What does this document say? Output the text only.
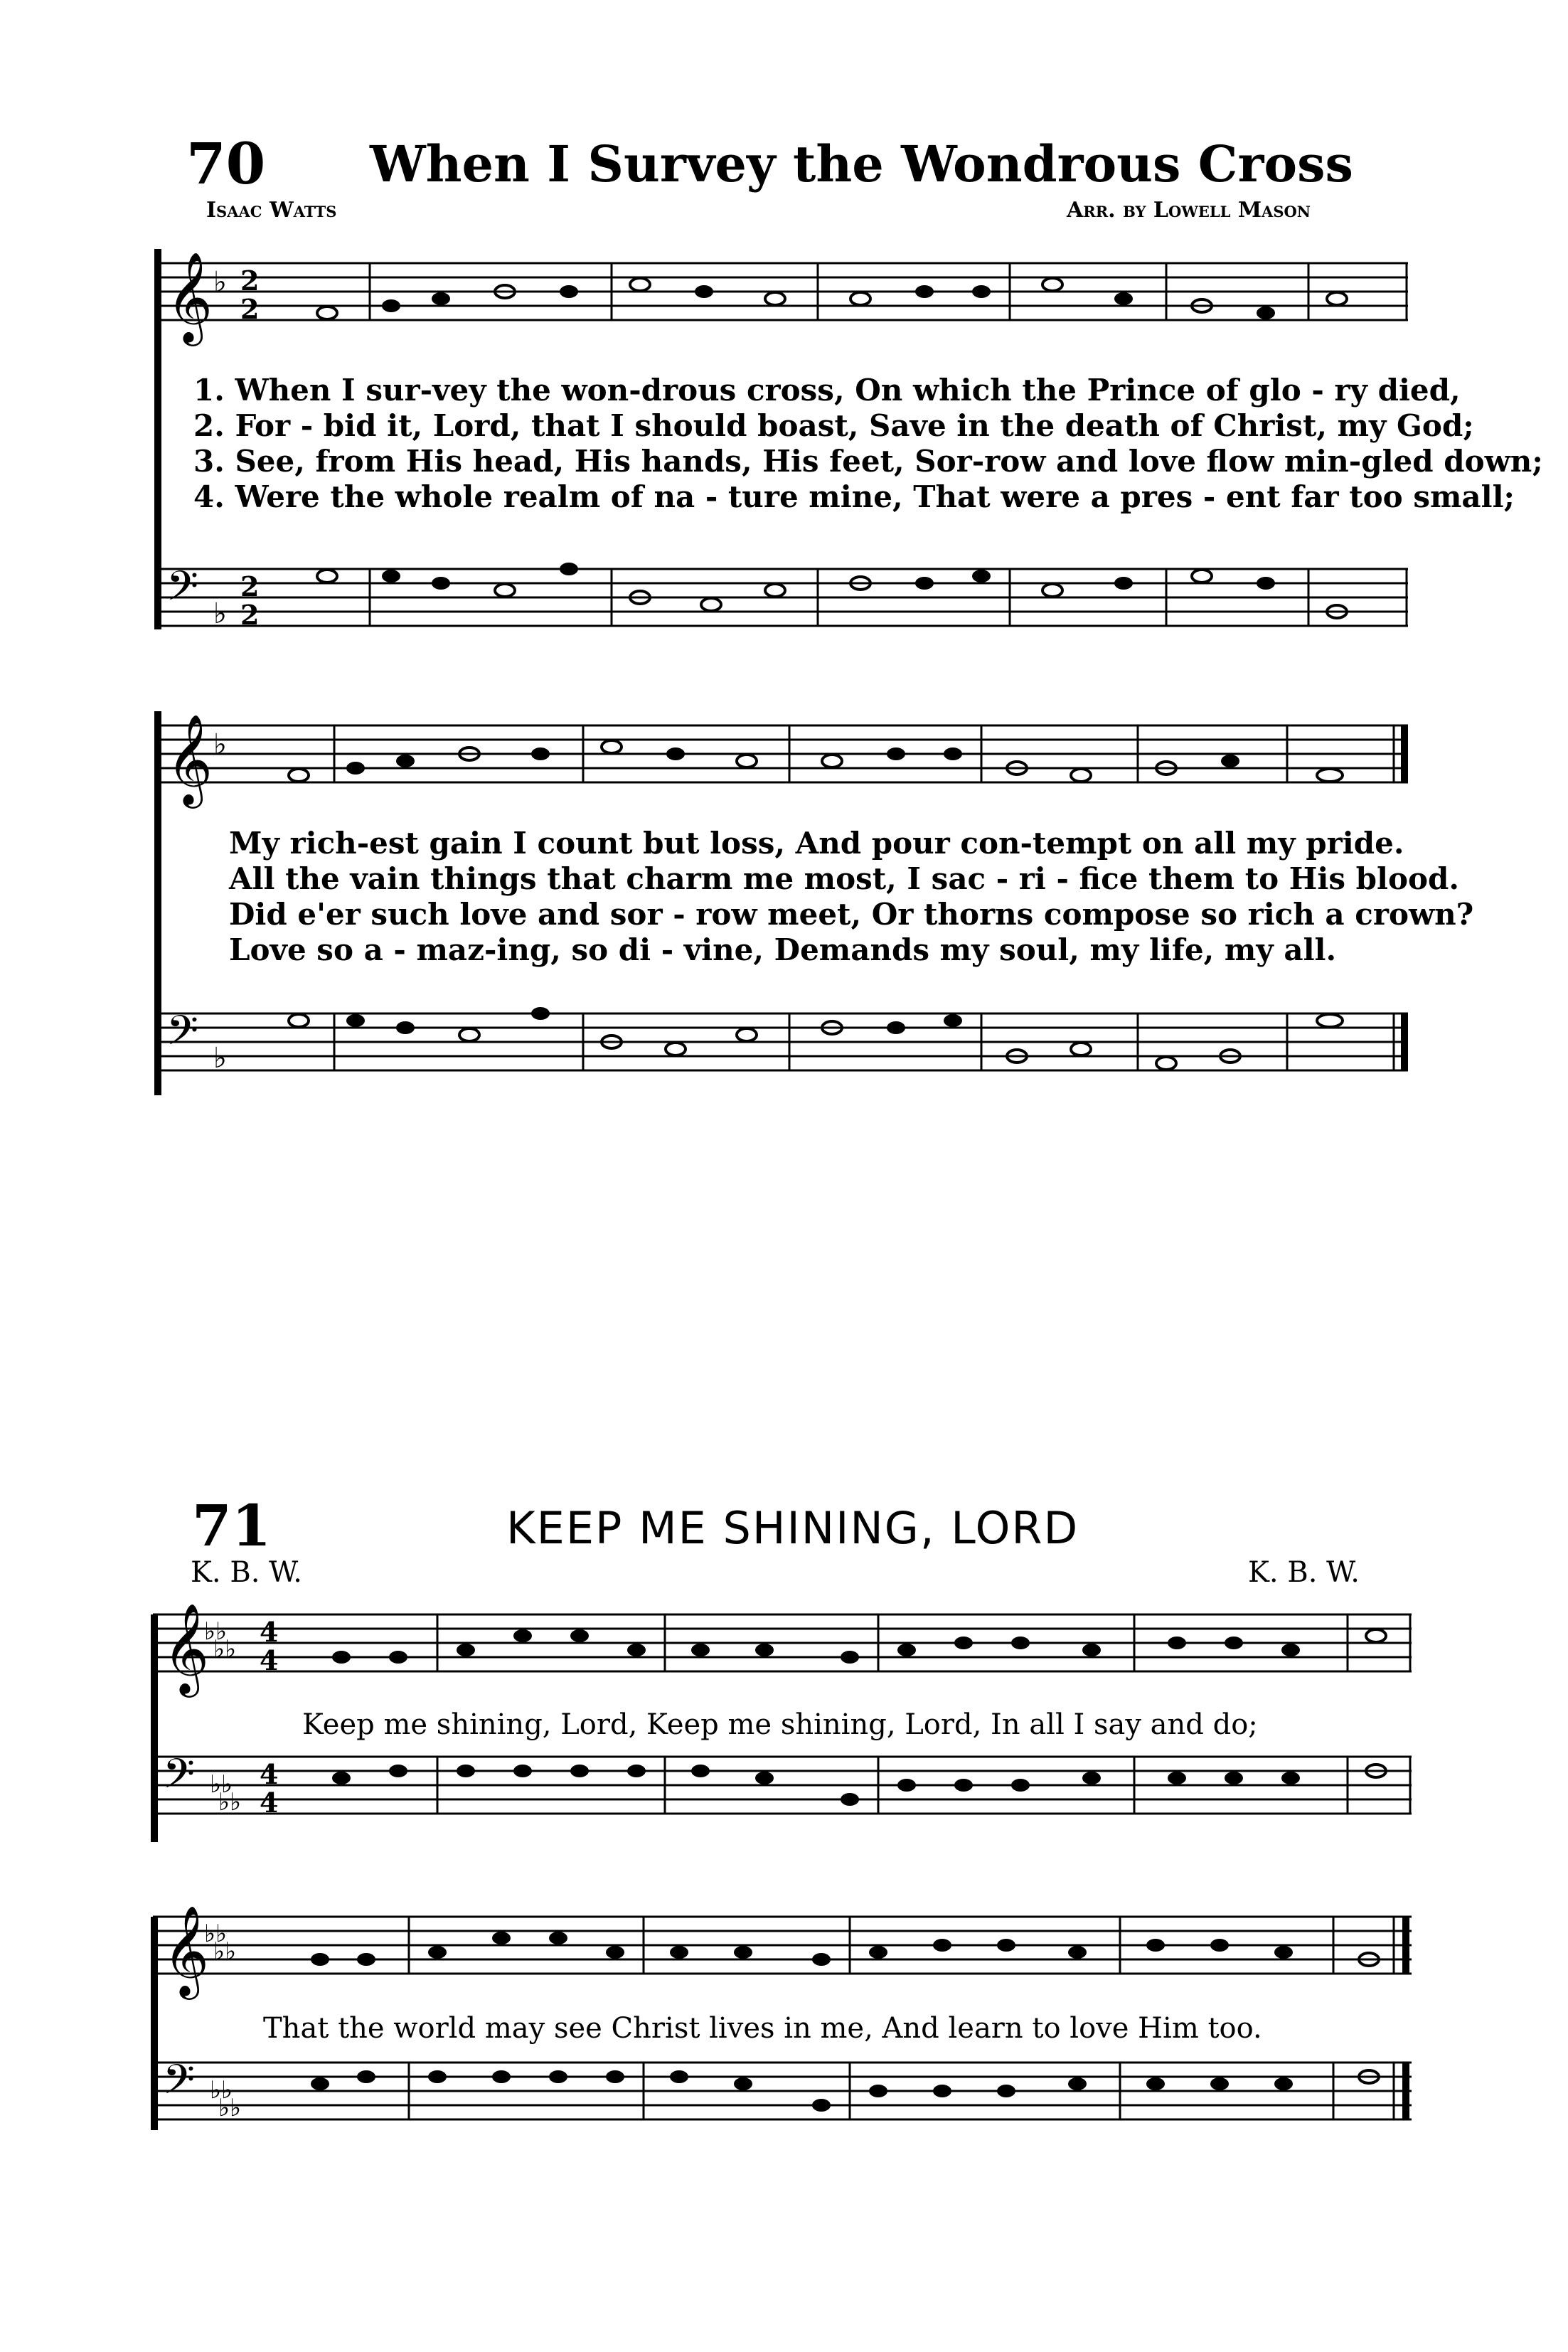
70 When I Survey the Wondrous Cross
Isaac Watts	Arr. by Lowell Mason
𝄞 ♭ 2
2
1. When I sur-vey the won-drous cross, On which the Prince of glo - ry died,
2. For - bid it, Lord, that I should boast, Save in the death of Christ, my God;
3. See, from His head, His hands, His feet, Sor-row and love flow min-gled down;
4. Were the whole realm of na - ture mine, That were a pres - ent far too small;
𝄢 ♭
2
2
𝄞 ♭
My rich-est gain I count but loss, And pour con-tempt on all my pride.
All the vain things that charm me most, I sac - ri - fice them to His blood.
Did e'er such love and sor - row meet, Or thorns compose so rich a crown?
Love so a - maz-ing, so di - vine, Demands my soul, my life, my all.
𝄢 ♭
71	KEEP ME SHINING, LORD
K. B. W.	K. B. W.
𝄞
♭♭
♭♭
4
4
Keep me shining, Lord, Keep me shining, Lord, In all I say and do;
𝄢 ♭♭
♭♭
4
4
𝄞
♭♭
♭♭
That the world may see Christ lives in me, And learn to love Him too.
𝄢 ♭♭
♭♭
